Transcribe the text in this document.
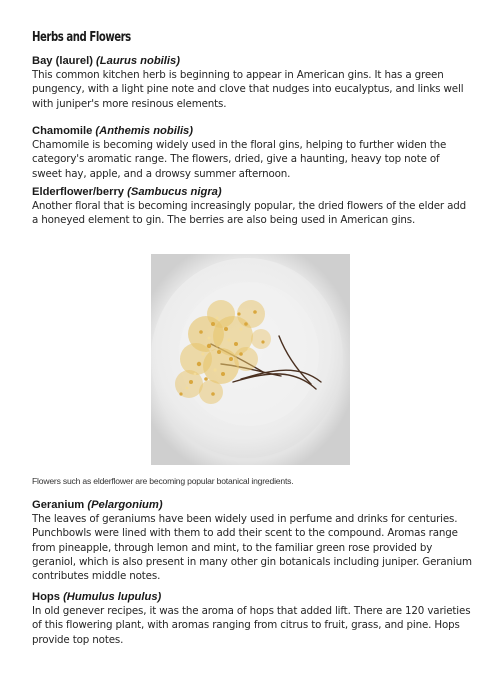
Herbs and Flowers
Bay (laurel) (Laurus nobilis)

This common kitchen herb is beginning to appear in American gins. It has a green pungency, with a light pine note and clove that nudges into eucalyptus, and links well with juniper's more resinous elements.

Chamomile (Anthemis nobilis)

Chamomile is becoming widely used in the floral gins, helping to further widen the category's aromatic range. The flowers, dried, give a haunting, heavy top note of sweet hay, apple, and a drowsy summer afternoon.

Elderflower/berry (Sambucus nigra)

Another floral that is becoming increasingly popular, the dried flowers of the elder add a honeyed element to gin. The berries are also being used in American gins.

Flowers such as elderflower are becoming popular botanical ingredients.

Geranium (Pelargonium)

The leaves of geraniums have been widely used in perfume and drinks for centuries. Punchbowls were lined with them to add their scent to the compound. Aromas range from pineapple, through lemon and mint, to the familiar green rose provided by geraniol, which is also present in many other gin botanicals including juniper. Geranium contributes middle notes.

Hops (Humulus lupulus)

In old genever recipes, it was the aroma of hops that added lift. There are 120 varieties of this flowering plant, with aromas ranging from citrus to fruit, grass, and pine. Hops provide top notes.
